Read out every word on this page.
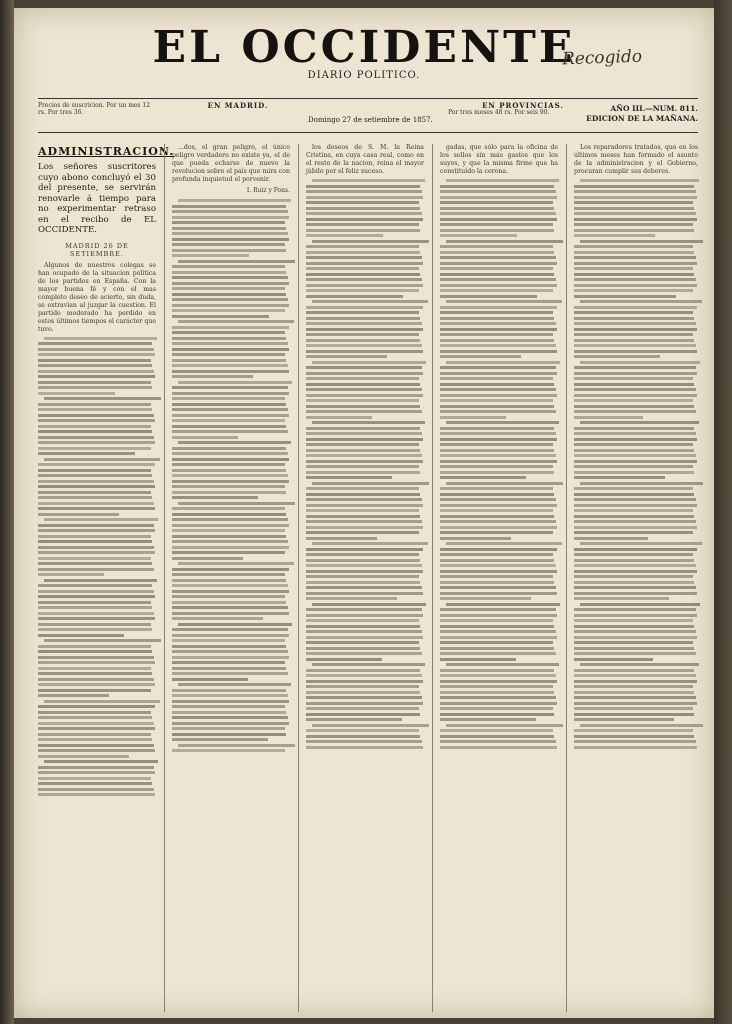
EL OCCIDENTE
DIARIO POLITICO.
Recogido
Precios de suscricion. Por un mes 12 rs. Por tres 36.
EN MADRID.
Domingo 27 de setiembre de 1857.
EN PROVINCIAS.
Por tres meses 48 rs. Por seis 90.	AÑO III.—NUM. 811.
EDICION DE LA MAÑANA.
ADMINISTRACION.

Los señores suscritores cuyo abono concluyó el 30 del presente, se servirán renovarle á tiempo para no experimentar retraso en el recibo de EL OCCIDENTE.

MADRID 26 DE SETIEMBRE.

Algunos de nuestros colegas se han ocupado de la situacion política de los partidos en España. Con la mayor buena fé y con el mas completo deseo de acierto, sin duda, se extravían al juzgar la cuestion. El partido moderado ha perdido en estos últimos tiempos el carácter que tuvo.

...dos, el gran peligro, el único peligro verdadero no existe ya, el de que pueda echarse de nuevo la revolucion sobre el país que mira con profunda inquietud el porvenir.

I. Ruiz y Pons.

los deseos de S. M. la Reina Cristina, en cuya casa real, como en el resto de la nacion, reina el mayor júbilo por el feliz suceso.

gadas, que sólo para la oficina de los sellos sin más gastos que los suyos, y que la misma firme que ha constituído la corona.

Los reparadores tratados, que en los últimos meses han formado el asunto de la administracion y el Gobierno, procuran cumplir sus deberes.
